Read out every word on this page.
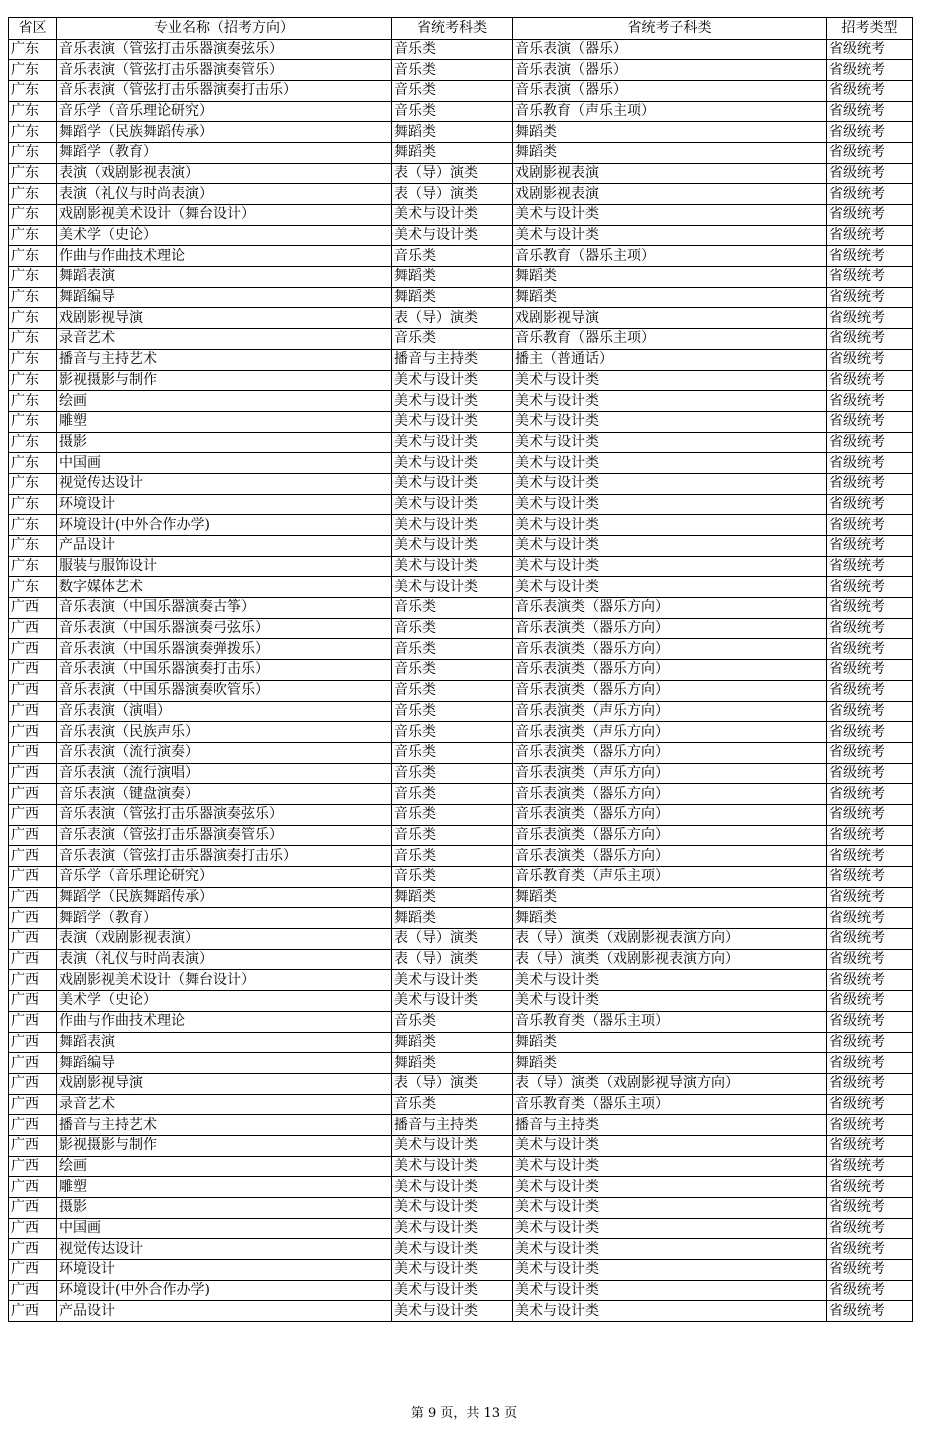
省区	专业名称（招考方向）	省统考科类	省统考子科类	招考类型
广东	音乐表演（管弦打击乐器演奏弦乐）	音乐类	音乐表演（器乐）	省级统考
广东	音乐表演（管弦打击乐器演奏管乐）	音乐类	音乐表演（器乐）	省级统考
广东	音乐表演（管弦打击乐器演奏打击乐）	音乐类	音乐表演（器乐）	省级统考
广东	音乐学（音乐理论研究）	音乐类	音乐教育（声乐主项）	省级统考
广东	舞蹈学（民族舞蹈传承）	舞蹈类	舞蹈类	省级统考
广东	舞蹈学（教育）	舞蹈类	舞蹈类	省级统考
广东	表演（戏剧影视表演）	表（导）演类	戏剧影视表演	省级统考
广东	表演（礼仪与时尚表演）	表（导）演类	戏剧影视表演	省级统考
广东	戏剧影视美术设计（舞台设计）	美术与设计类	美术与设计类	省级统考
广东	美术学（史论）	美术与设计类	美术与设计类	省级统考
广东	作曲与作曲技术理论	音乐类	音乐教育（器乐主项）	省级统考
广东	舞蹈表演	舞蹈类	舞蹈类	省级统考
广东	舞蹈编导	舞蹈类	舞蹈类	省级统考
广东	戏剧影视导演	表（导）演类	戏剧影视导演	省级统考
广东	录音艺术	音乐类	音乐教育（器乐主项）	省级统考
广东	播音与主持艺术	播音与主持类	播主（普通话）	省级统考
广东	影视摄影与制作	美术与设计类	美术与设计类	省级统考
广东	绘画	美术与设计类	美术与设计类	省级统考
广东	雕塑	美术与设计类	美术与设计类	省级统考
广东	摄影	美术与设计类	美术与设计类	省级统考
广东	中国画	美术与设计类	美术与设计类	省级统考
广东	视觉传达设计	美术与设计类	美术与设计类	省级统考
广东	环境设计	美术与设计类	美术与设计类	省级统考
广东	环境设计(中外合作办学)	美术与设计类	美术与设计类	省级统考
广东	产品设计	美术与设计类	美术与设计类	省级统考
广东	服装与服饰设计	美术与设计类	美术与设计类	省级统考
广东	数字媒体艺术	美术与设计类	美术与设计类	省级统考
广西	音乐表演（中国乐器演奏古筝）	音乐类	音乐表演类（器乐方向）	省级统考
广西	音乐表演（中国乐器演奏弓弦乐）	音乐类	音乐表演类（器乐方向）	省级统考
广西	音乐表演（中国乐器演奏弹拨乐）	音乐类	音乐表演类（器乐方向）	省级统考
广西	音乐表演（中国乐器演奏打击乐）	音乐类	音乐表演类（器乐方向）	省级统考
广西	音乐表演（中国乐器演奏吹管乐）	音乐类	音乐表演类（器乐方向）	省级统考
广西	音乐表演（演唱）	音乐类	音乐表演类（声乐方向）	省级统考
广西	音乐表演（民族声乐）	音乐类	音乐表演类（声乐方向）	省级统考
广西	音乐表演（流行演奏）	音乐类	音乐表演类（器乐方向）	省级统考
广西	音乐表演（流行演唱）	音乐类	音乐表演类（声乐方向）	省级统考
广西	音乐表演（键盘演奏）	音乐类	音乐表演类（器乐方向）	省级统考
广西	音乐表演（管弦打击乐器演奏弦乐）	音乐类	音乐表演类（器乐方向）	省级统考
广西	音乐表演（管弦打击乐器演奏管乐）	音乐类	音乐表演类（器乐方向）	省级统考
广西	音乐表演（管弦打击乐器演奏打击乐）	音乐类	音乐表演类（器乐方向）	省级统考
广西	音乐学（音乐理论研究）	音乐类	音乐教育类（声乐主项）	省级统考
广西	舞蹈学（民族舞蹈传承）	舞蹈类	舞蹈类	省级统考
广西	舞蹈学（教育）	舞蹈类	舞蹈类	省级统考
广西	表演（戏剧影视表演）	表（导）演类	表（导）演类（戏剧影视表演方向）	省级统考
广西	表演（礼仪与时尚表演）	表（导）演类	表（导）演类（戏剧影视表演方向）	省级统考
广西	戏剧影视美术设计（舞台设计）	美术与设计类	美术与设计类	省级统考
广西	美术学（史论）	美术与设计类	美术与设计类	省级统考
广西	作曲与作曲技术理论	音乐类	音乐教育类（器乐主项）	省级统考
广西	舞蹈表演	舞蹈类	舞蹈类	省级统考
广西	舞蹈编导	舞蹈类	舞蹈类	省级统考
广西	戏剧影视导演	表（导）演类	表（导）演类（戏剧影视导演方向）	省级统考
广西	录音艺术	音乐类	音乐教育类（器乐主项）	省级统考
广西	播音与主持艺术	播音与主持类	播音与主持类	省级统考
广西	影视摄影与制作	美术与设计类	美术与设计类	省级统考
广西	绘画	美术与设计类	美术与设计类	省级统考
广西	雕塑	美术与设计类	美术与设计类	省级统考
广西	摄影	美术与设计类	美术与设计类	省级统考
广西	中国画	美术与设计类	美术与设计类	省级统考
广西	视觉传达设计	美术与设计类	美术与设计类	省级统考
广西	环境设计	美术与设计类	美术与设计类	省级统考
广西	环境设计(中外合作办学)	美术与设计类	美术与设计类	省级统考
广西	产品设计	美术与设计类	美术与设计类	省级统考
第 9 页，共 13 页
